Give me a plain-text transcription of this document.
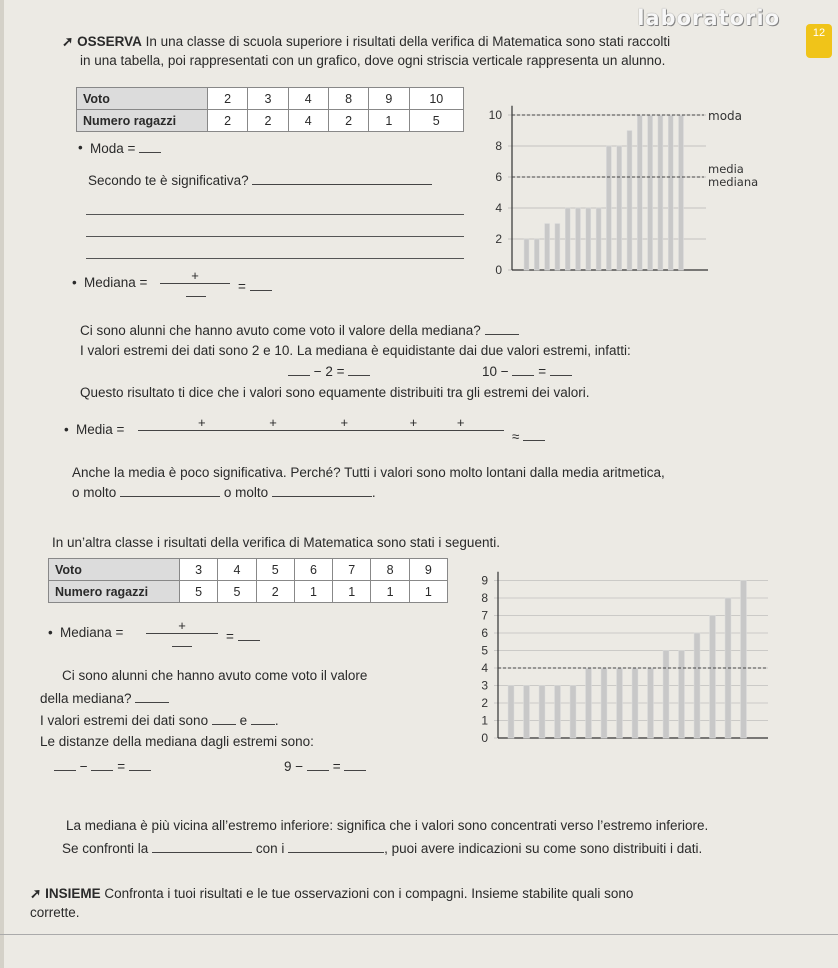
laboratorio
12
➚ OSSERVA In una classe di scuola superiore i risultati della verifica di Matematica sono stati raccolti
in una tabella, poi rappresentati con un grafico, dove ogni striscia verticale rappresenta un alunno.
Voto	2	3	4	8	9	10
Numero ragazzi	2	2	4	2	1	5
• Moda =
Secondo te è significativa?
• Mediana =	+
=
Ci sono alunni che hanno avuto come voto il valore della mediana?
I valori estremi dei dati sono 2 e 10. La mediana è equidistante dai due valori estremi, infatti:
− 2 =	10 − =
Questo risultato ti dice che i valori sono equamente distribuiti tra gli estremi dei valori.
• Media =	+	+	+	+	+
≈
Anche la media è poco significativa. Perché? Tutti i valori sono molto lontani dalla media aritmetica,
o molto	o molto	.
0
2
4
6
8
10	moda
media
mediana
In un’altra classe i risultati della verifica di Matematica sono stati i seguenti.
Voto	3	4	5	6	7	8	9
Numero ragazzi	5	5	2	1	1	1	1
• Mediana =	+
=
Ci sono alunni che hanno avuto come voto il valore
della mediana?
I valori estremi dei dati sono e .
Le distanze della mediana dagli estremi sono:
− =	9 − =
0
1
2
3
4
5
6
7
8
9
La mediana è più vicina all’estremo inferiore: significa che i valori sono concentrati verso l’estremo inferiore.
Se confronti la	con i	, puoi avere indicazioni su come sono distribuiti i dati.
➚ INSIEME Confronta i tuoi risultati e le tue osservazioni con i compagni. Insieme stabilite quali sono
corrette.
